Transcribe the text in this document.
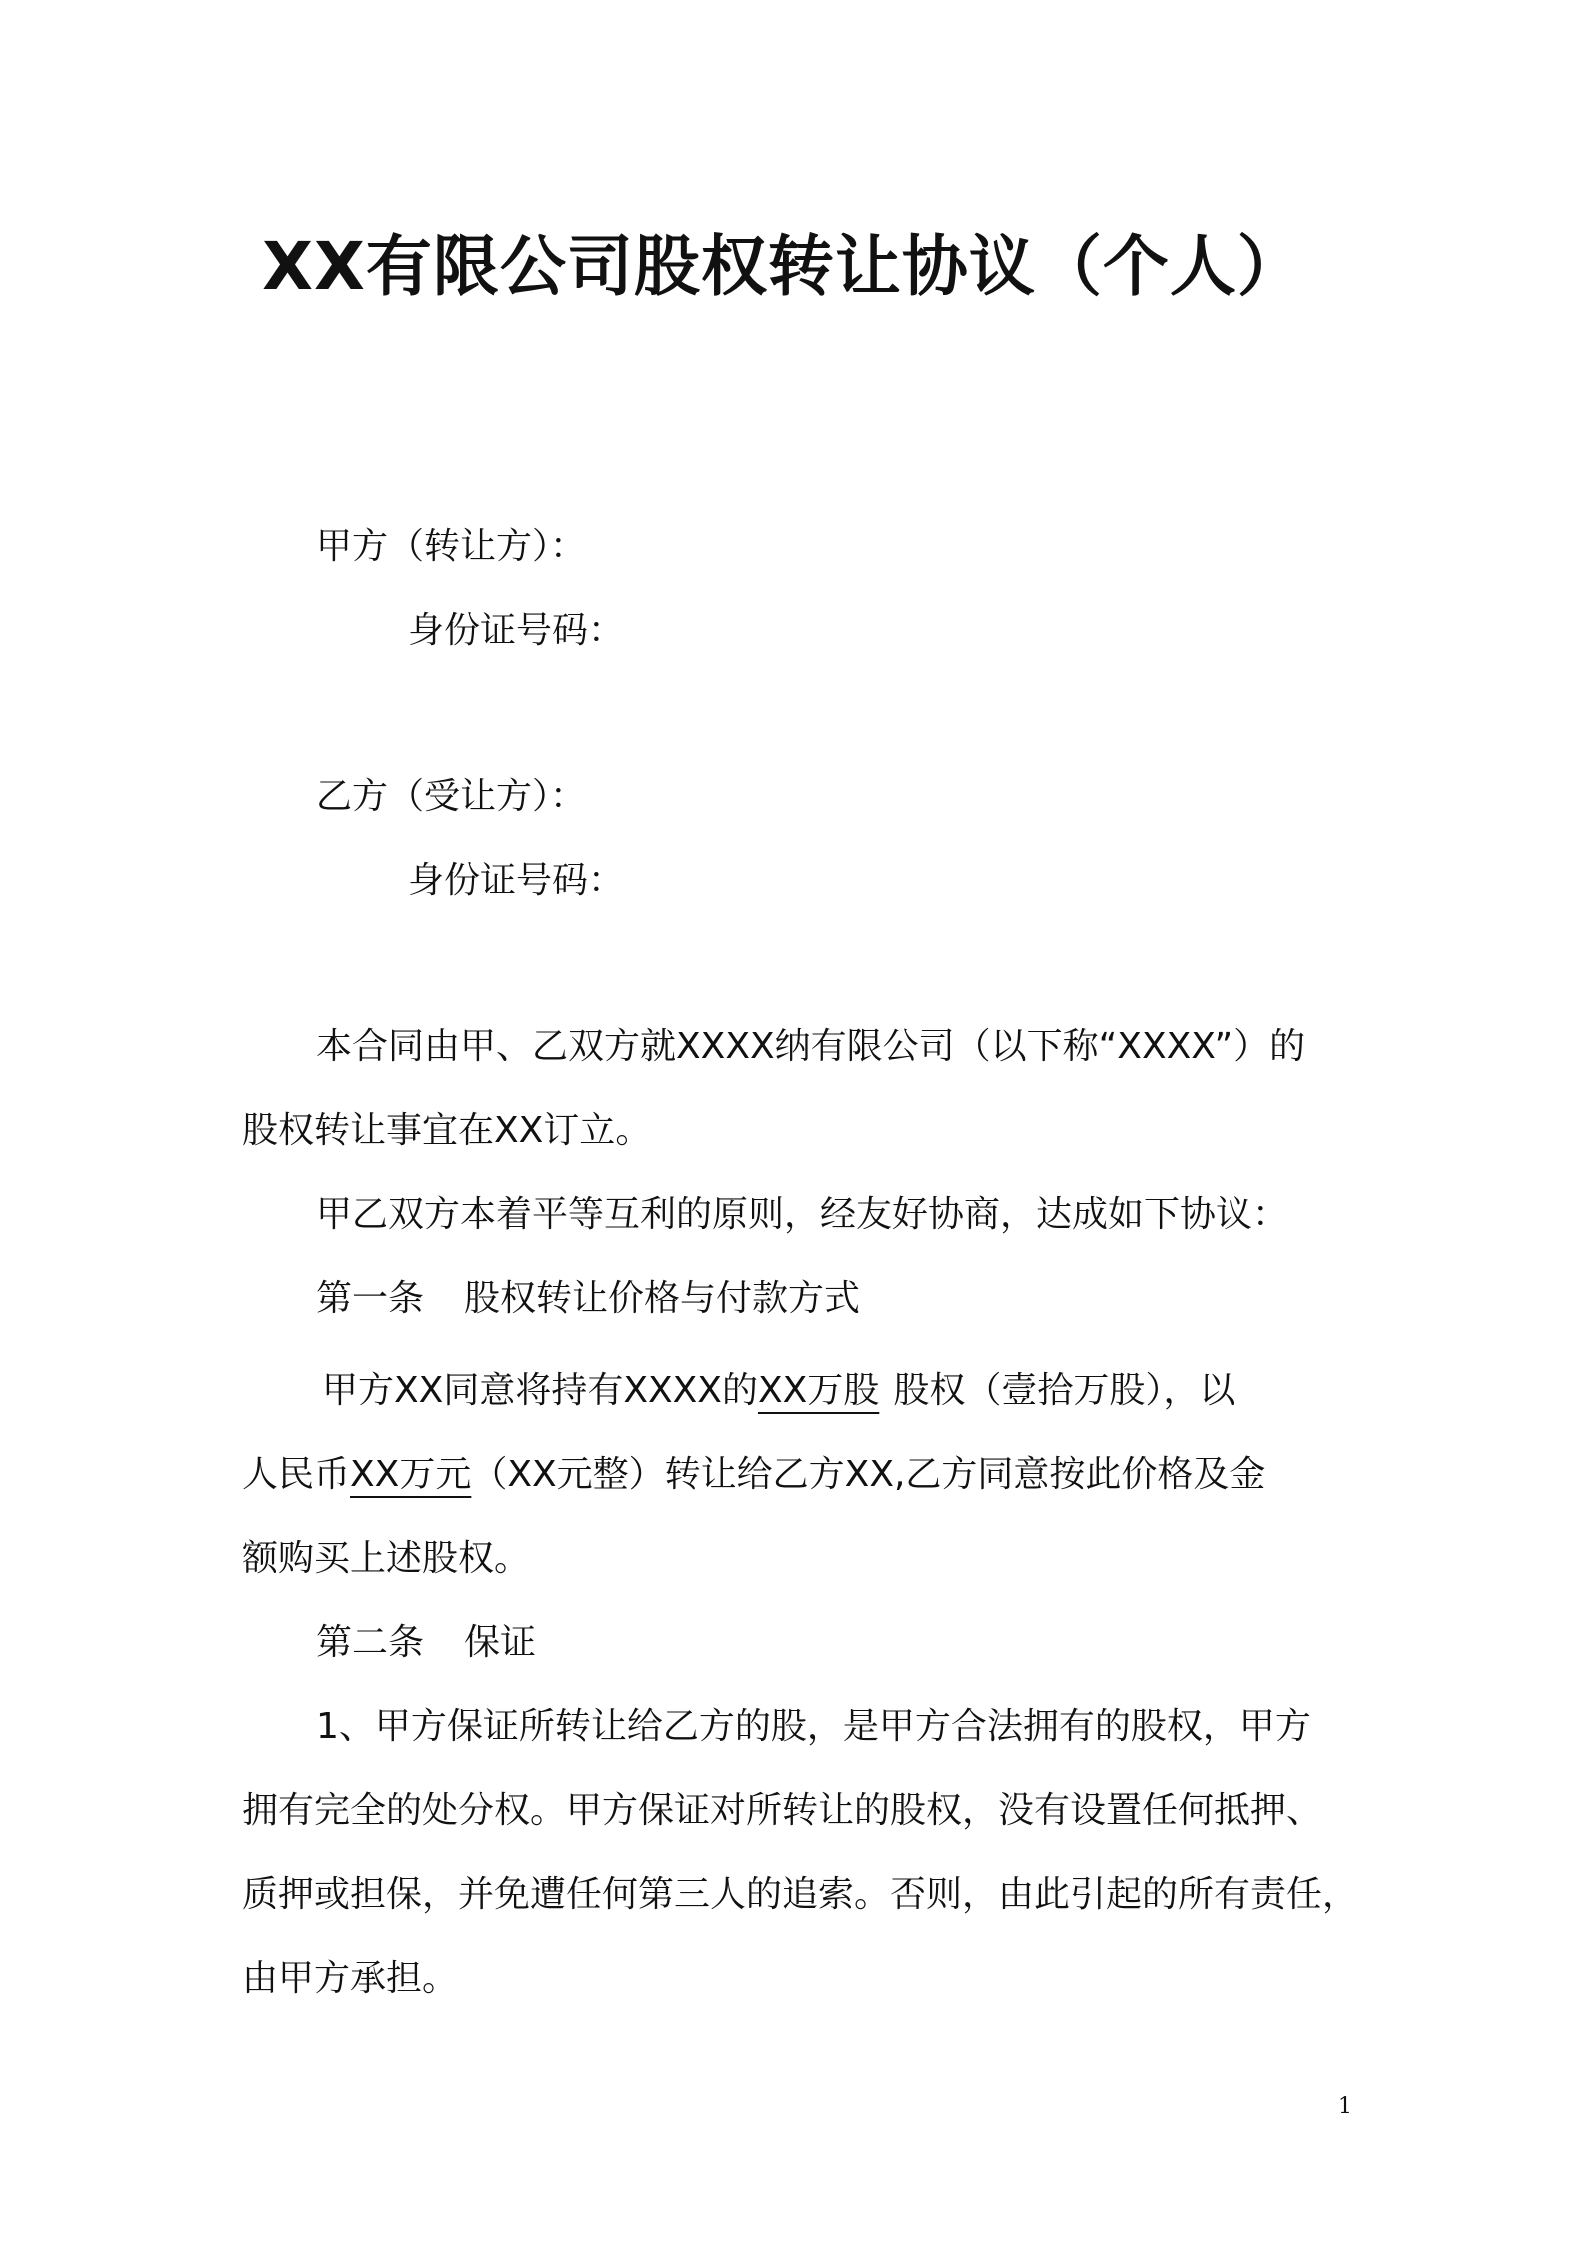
XX有限公司股权转让协议（个人）
甲方（转让方）：
身份证号码：
乙方（受让方）：
身份证号码：
本合同由甲、乙双方就XXXX纳有限公司（以下称“XXXX”）的
股权转让事宜在XX订立。
甲乙双方本着平等互利的原则，经友好协商，达成如下协议：
第一条 股权转让价格与付款方式
甲方XX同意将持有XXXX的XX万股 股权（壹拾万股），以
人民币XX万元（XX元整）转让给乙方XX,乙方同意按此价格及金
额购买上述股权。
第二条 保证
1、甲方保证所转让给乙方的股，是甲方合法拥有的股权，甲方
拥有完全的处分权。甲方保证对所转让的股权，没有设置任何抵押、
质押或担保，并免遭任何第三人的追索。否则，由此引起的所有责任，
由甲方承担。
1
